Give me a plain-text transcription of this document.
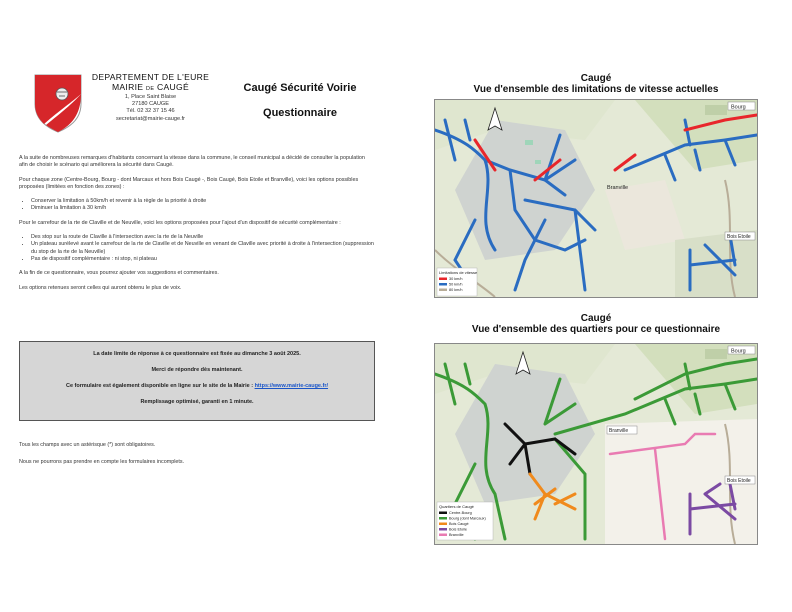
DEPARTEMENT DE L'EURE
MAIRIE DE CAUGÉ
1, Place Saint Blaise
27180 CAUGE
Tél. 02 32 37 15 46
secretariat@mairie-cauge.fr
Caugé Sécurité Voirie
Questionnaire

A la suite de nombreuses remarques d'habitants concernant la vitesse dans la commune, le conseil municipal a décidé de consulter la population afin de choisir le scénario qui améliorera la sécurité dans Caugé.

Pour chaque zone (Centre-Bourg, Bourg - dont Marcaux et hors Bois Caugé -, Bois Caugé, Bois Etoile et Branville), voici les options possibles proposées (limitées en fonction des zones) :

• Conserver la limitation à 50km/h et revenir à la règle de la priorité à droite
• Diminuer la limitation à 30 km/h

Pour le carrefour de la rte de Claville et de Neuville, voici les options proposées pour l'ajout d'un dispositif de sécurité complémentaire :

• Des stop sur la route de Claville à l'intersection avec la rte de la Neuville
• Un plateau surélevé avant le carrefour de la rte de Claville et de Neuville en venant de Claville avec priorité à droite à l'intersection (suppression du stop de la rte de la Neuville)
• Pas de dispositif complémentaire : ni stop, ni plateau

A la fin de ce questionnaire, vous pourrez ajouter vos suggestions et commentaires.

Les options retenues seront celles qui auront obtenu le plus de voix.

La date limite de réponse à ce questionnaire est fixée au dimanche 3 août 2025.

Merci de répondre dès maintenant.

Ce formulaire est également disponible en ligne sur le site de la Mairie : https://www.mairie-cauge.fr/

Remplissage optimisé, garanti en 1 minute.

Tous les champs avec un astérisque (*) sont obligatoires.

Nous ne pourrons pas prendre en compte les formulaires incomplets.

Caugé
Vue d'ensemble des limitations de vitesse actuelles
Bourg
Branville
Bois Etoile
Limitations de vitesse
30 km/h
50 km/h
80 km/h
Caugé
Vue d'ensemble des quartiers pour ce questionnaire
Bourg
Branville
Bois Etoile
Quartiers de Caugé
Centre-Bourg
Bourg (dont Marcaux)
Bois Caugé
Bois Etoile
Branville
